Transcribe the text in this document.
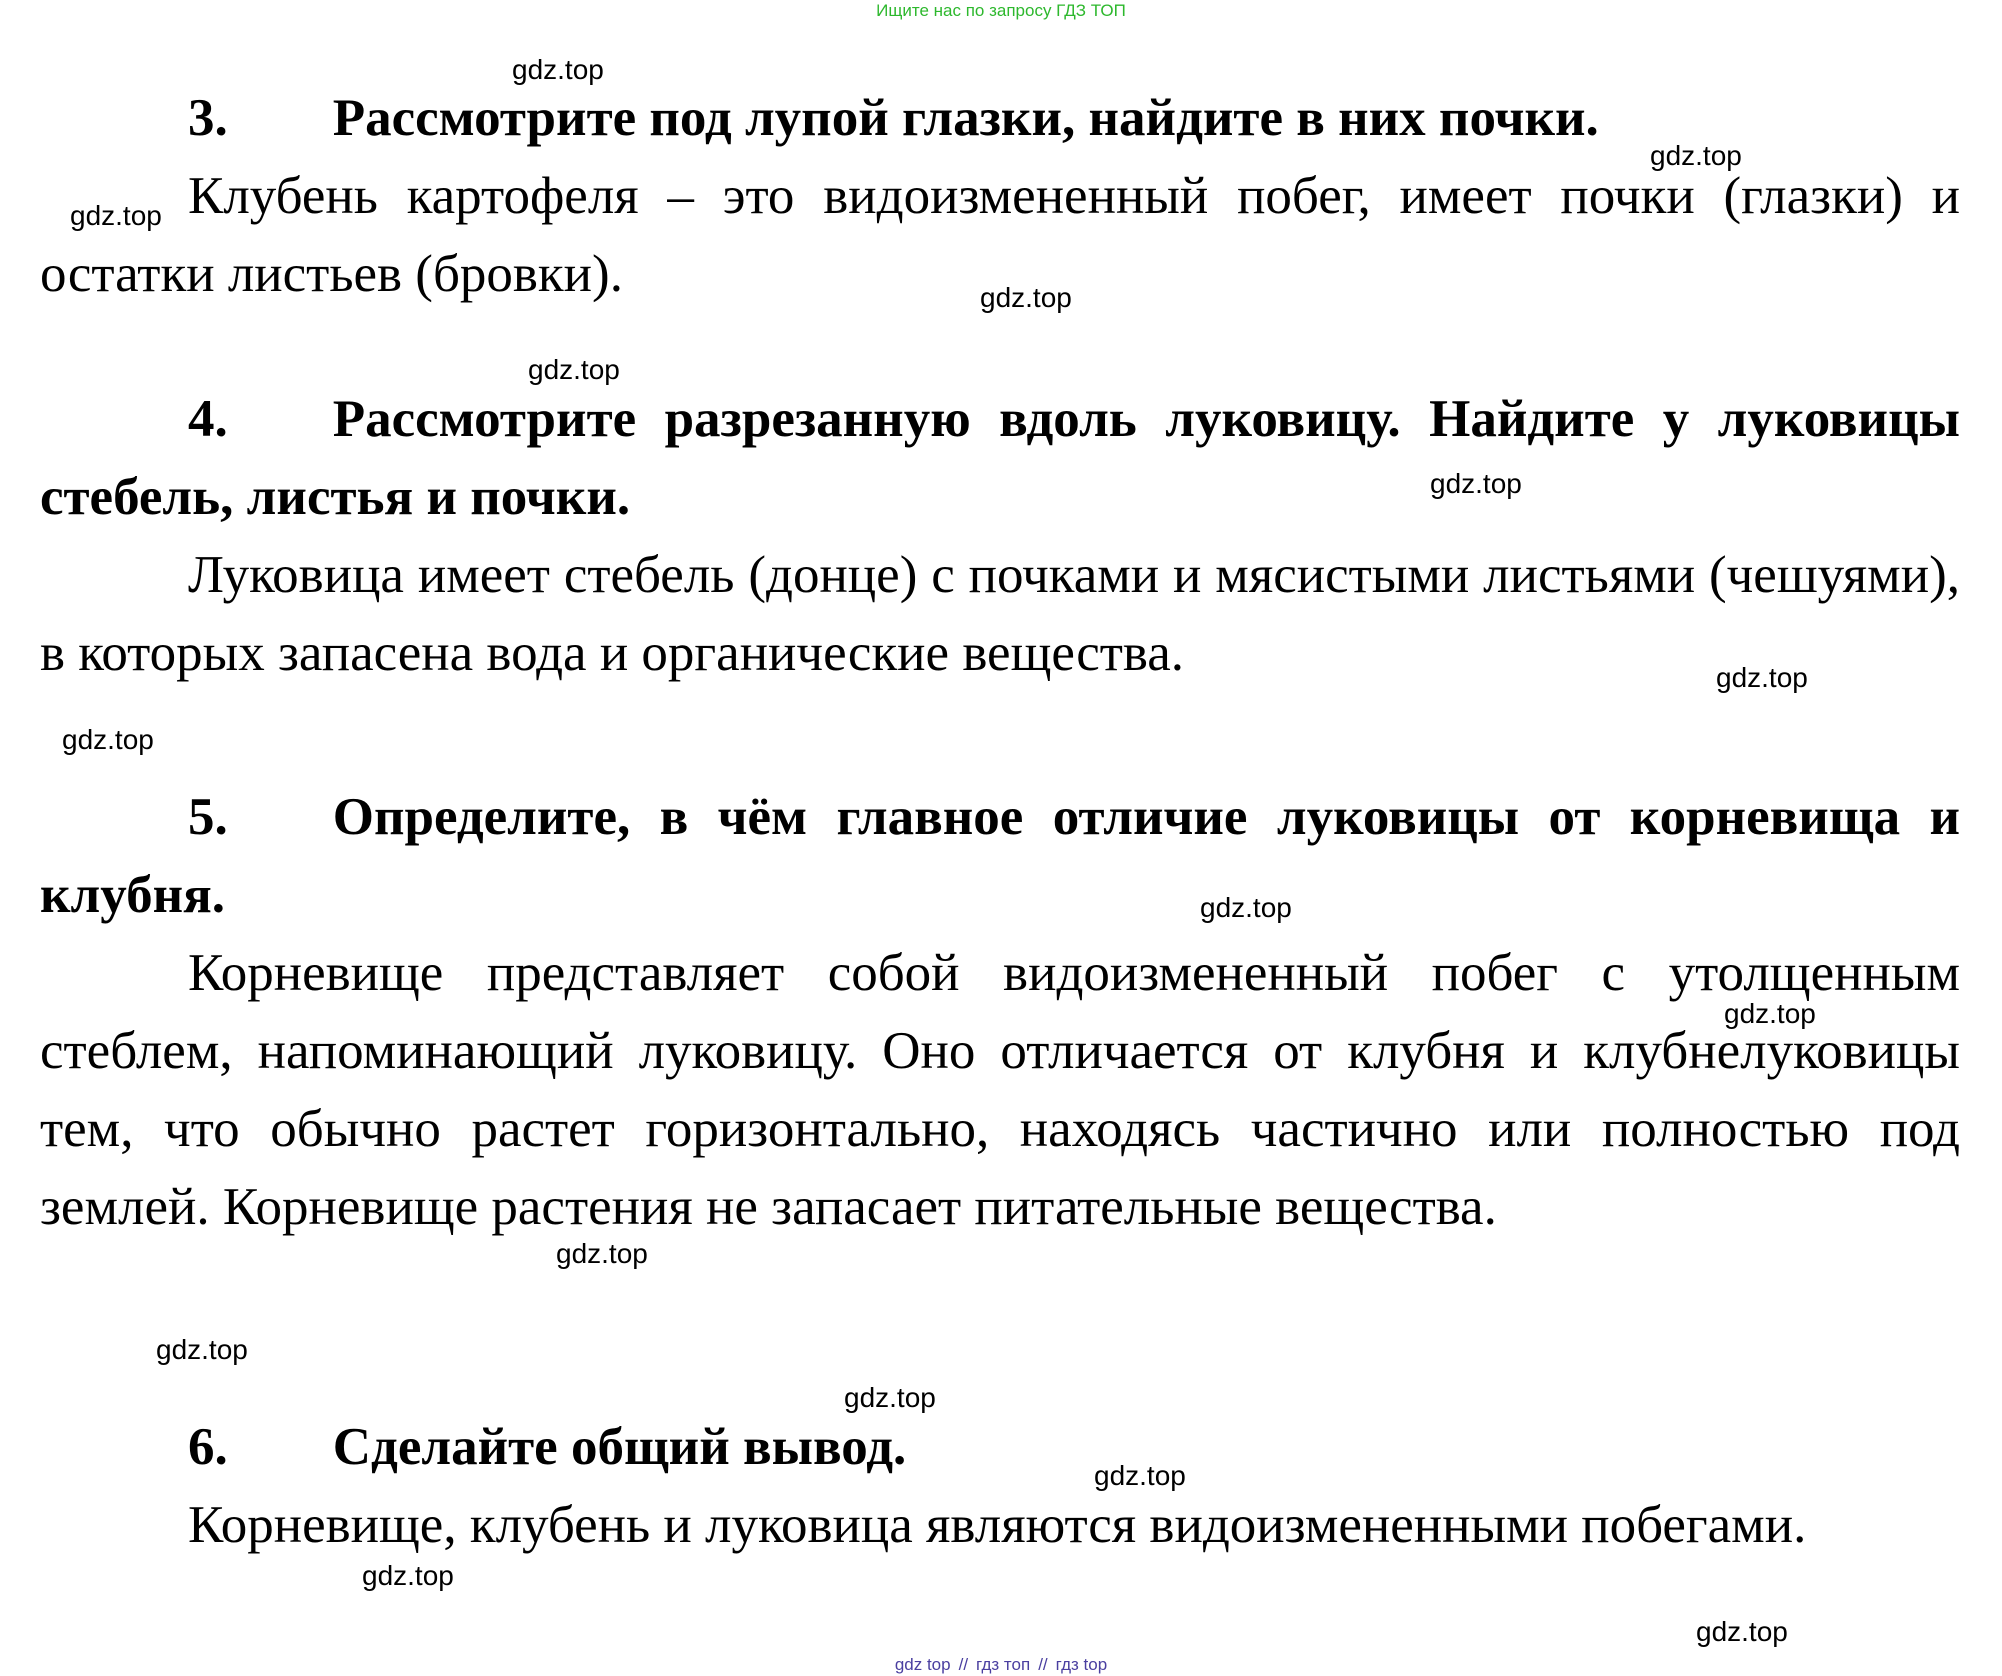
Ищите нас по запросу ГДЗ ТОП

3. Рассмотрите под лупой глазки, найдите в них почки.

Клубень картофеля – это видоизмененный побег, имеет почки (глазки) и остатки листьев (бровки).

4. Рассмотрите разрезанную вдоль луковицу. Найдите у луковицы стебель, листья и почки.

Луковица имеет стебель (донце) с почками и мясистыми листьями (чешуями), в которых запасена вода и органические вещества.

5. Определите, в чём главное отличие луковицы от корневища и клубня.

Корневище представляет собой видоизмененный побег с утолщенным стеблем, напоминающий луковицу. Оно отличается от клубня и клубнелуковицы тем, что обычно растет горизонтально, находясь частично или полностью под землей. Корневище растения не запасает питательные вещества.

6. Сделайте общий вывод.

Корневище, клубень и луковица являются видоизмененными побегами.

gdz.top
gdz.top
gdz.top
gdz.top
gdz.top
gdz.top
gdz.top
gdz.top
gdz.top
gdz.top
gdz.top
gdz.top
gdz.top
gdz.top
gdz.top
gdz.top
gdz top // гдз топ // гдз top
